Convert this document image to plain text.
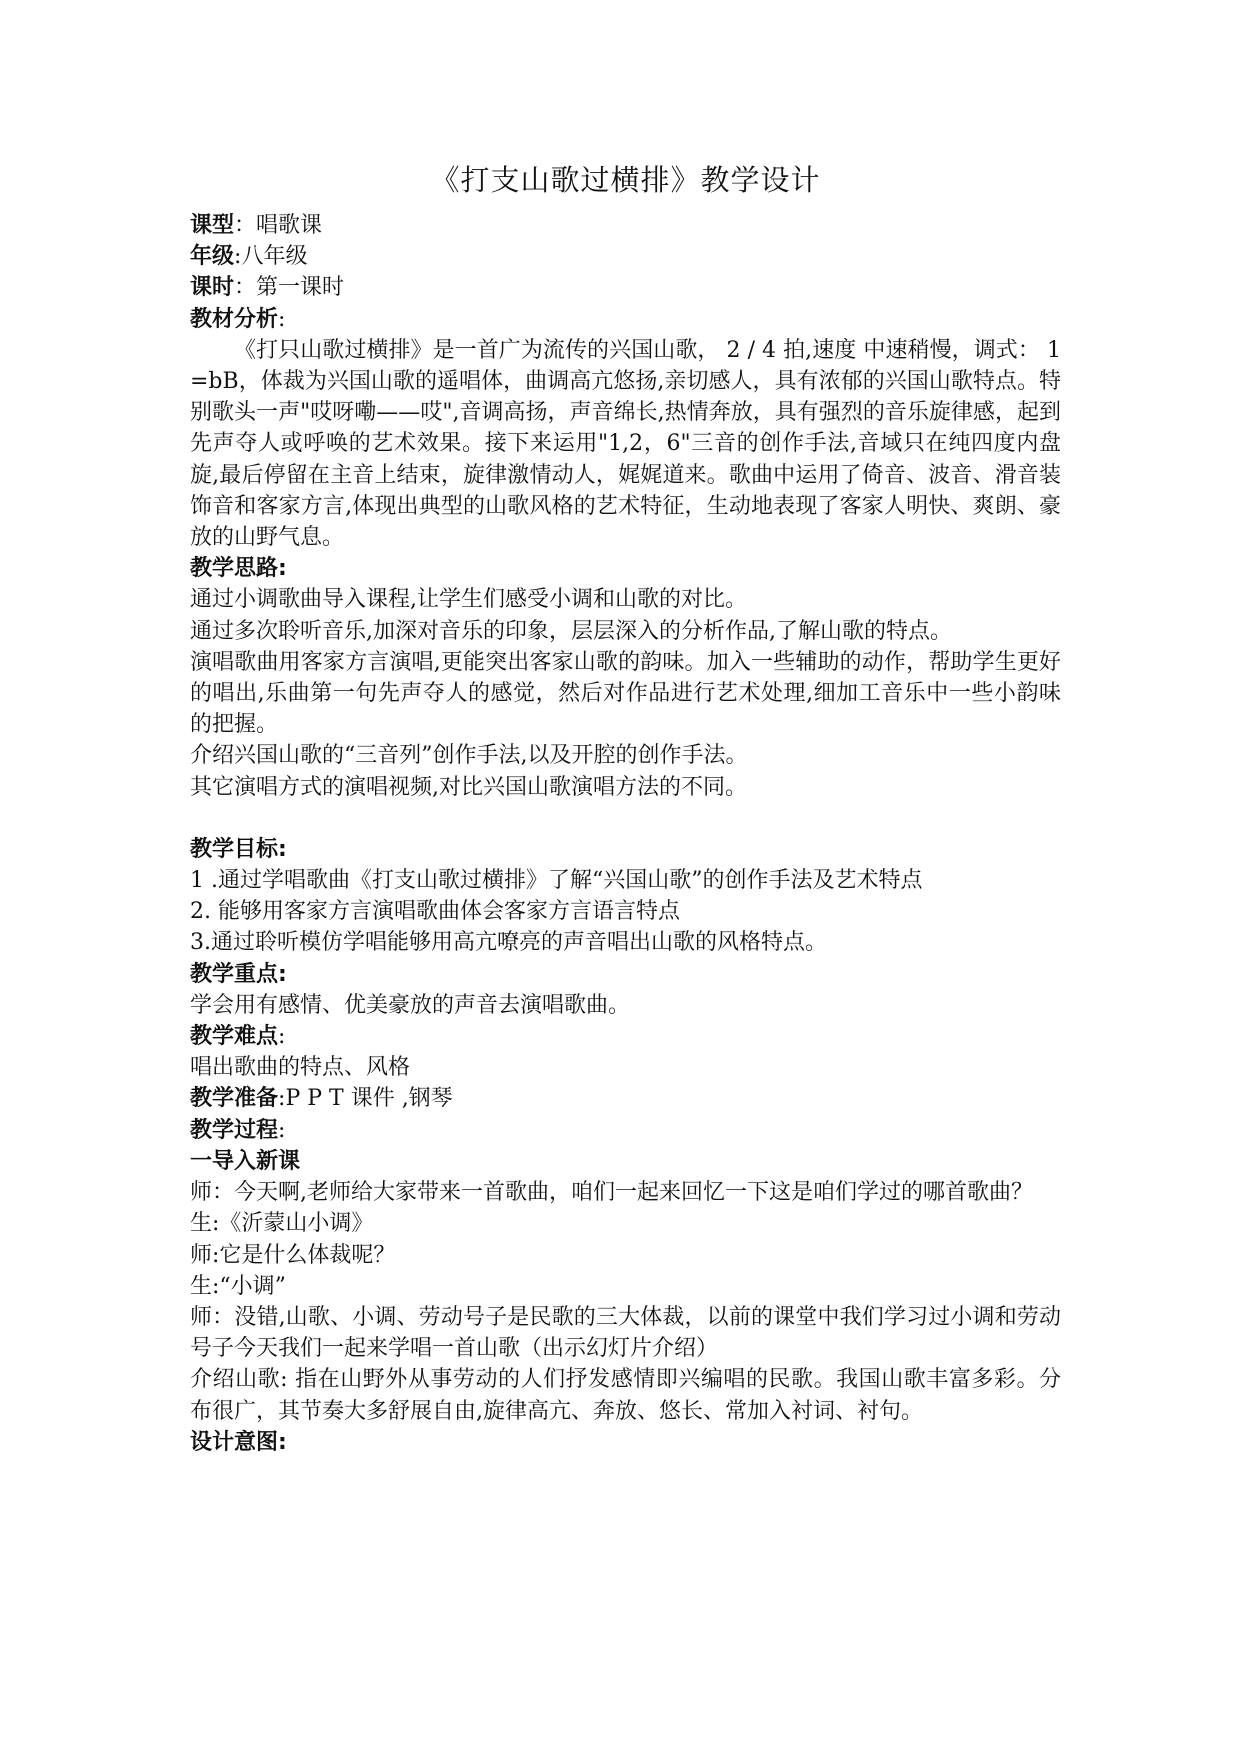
《打支山歌过横排》教学设计

课型：唱歌课

年级:八年级

课时：第一课时

教材分析:

《打只山歌过横排》是一首广为流传的兴国山歌， 2 / 4 拍,速度 中速稍慢，调式： 1 =bB，体裁为兴国山歌的遥唱体，曲调高亢悠扬,亲切感人，具有浓郁的兴国山歌特点。特别歌头一声"哎呀嘞——哎",音调高扬，声音绵长,热情奔放，具有强烈的音乐旋律感，起到先声夺人或呼唤的艺术效果。接下来运用"1,2，6"三音的创作手法,音域只在纯四度内盘旋,最后停留在主音上结束，旋律激情动人，娓娓道来。歌曲中运用了倚音、波音、滑音装饰音和客家方言,体现出典型的山歌风格的艺术特征，生动地表现了客家人明快、爽朗、豪放的山野气息。

教学思路:

通过小调歌曲导入课程,让学生们感受小调和山歌的对比。

通过多次聆听音乐,加深对音乐的印象，层层深入的分析作品,了解山歌的特点。

演唱歌曲用客家方言演唱,更能突出客家山歌的韵味。加入一些辅助的动作，帮助学生更好的唱出,乐曲第一句先声夺人的感觉，然后对作品进行艺术处理,细加工音乐中一些小韵味的把握。

介绍兴国山歌的“三音列”创作手法,以及开腔的创作手法。

其它演唱方式的演唱视频,对比兴国山歌演唱方法的不同。

教学目标:

1 .通过学唱歌曲《打支山歌过横排》了解“兴国山歌”的创作手法及艺术特点

2. 能够用客家方言演唱歌曲体会客家方言语言特点

3.通过聆听模仿学唱能够用高亢嘹亮的声音唱出山歌的风格特点。

教学重点:

学会用有感情、优美豪放的声音去演唱歌曲。

教学难点:

唱出歌曲的特点、风格

教学准备:P P T 课件 ,钢琴

教学过程:

一导入新课

师：今天啊,老师给大家带来一首歌曲，咱们一起来回忆一下这是咱们学过的哪首歌曲？

生:《沂蒙山小调》

师:它是什么体裁呢？

生:“小调”

师：没错,山歌、小调、劳动号子是民歌的三大体裁，以前的课堂中我们学习过小调和劳动号子今天我们一起来学唱一首山歌（出示幻灯片介绍）

介绍山歌: 指在山野外从事劳动的人们抒发感情即兴编唱的民歌。我国山歌丰富多彩。分布很广，其节奏大多舒展自由,旋律高亢、奔放、悠长、常加入衬词、衬句。

设计意图:
